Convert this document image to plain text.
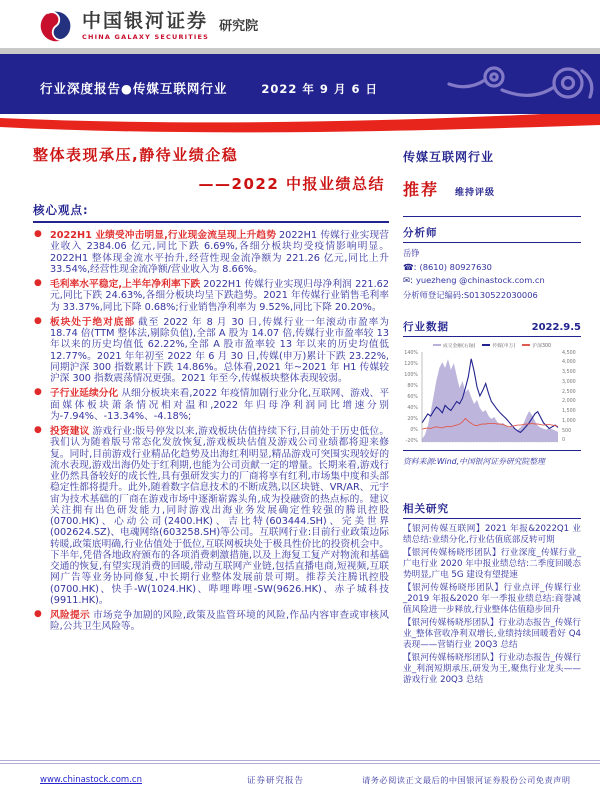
中国银河证券
CHINA GALAXY SECURITIES
研究院
行业深度报告●传媒互联网行业	2022 年 9 月 6 日
整体表现承压,静待业绩企稳
——2022 中报业绩总结
核心观点:
● 2022H1 业绩受冲击明显,行业现金流呈现上升趋势 2022H1 传媒行业实现营业收入 2384.06 亿元,同比下跌 6.69%,各细分板块均受疫情影响明显。2022H1 整体现金流水平抬升,经营性现金流净额为 221.26 亿元,同比上升 33.54%,经营性现金流净额/营业收入为 8.66%。
● 毛利率水平稳定,上半年净利率下跌 2022H1 传媒行业实现归母净利润 221.62 元,同比下跌 24.63%,各细分板块均呈下跌趋势。2021 年传媒行业销售毛利率为 33.37%,同比下降 0.68%;行业销售净利率为 9.52%,同比下降 20.20%。
● 板块处于绝对底部 截至 2022 年 8 月 30 日,传媒行业一年滚动市盈率为 18.74 倍(TTM 整体法,剔除负值),全部 A 股为 14.07 倍,传媒行业市盈率较 13 年以来的历史均值低 62.22%,全部 A 股市盈率较 13 年以来的历史均值低 12.77%。2021 年年初至 2022 年 6 月 30 日,传媒(申万)累计下跌 23.22%,同期沪深 300 指数累计下跌 14.86%。总体看,2021 年~2021 年 H1 传媒较沪深 300 指数震荡情况更强。2021 年至今,传媒板块整体表现较弱。
● 子行业延续分化 从细分板块来看,2022 年疫情加剧行业分化,互联网、游戏、平面媒体板块萧条情况相对温和,2022 年归母净利润同比增速分别为-7.94%、-13.34%、-4.18%;
● 投资建议 游戏行业:版号停发以来,游戏板块估值持续下行,目前处于历史低位。我们认为随着版号常态化发放恢复,游戏板块估值及游戏公司业绩都将迎来修复。同时,目前游戏行业精品化趋势及出海红利明显,精品游戏可突围实现较好的流水表现,游戏出海仍处于红利期,也能为公司贡献一定的增量。长期来看,游戏行业仍然具备较好的成长性,具有强研发实力的厂商将享有红利,市场集中度和头部稳定性都将提升。此外,随着数字信息技术的不断成熟,以区块链、VR/AR、元宇宙为技术基础的厂商在游戏市场中逐渐崭露头角,成为投融资的热点标的。建议关注拥有出色研发能力,同时游戏出海业务发展确定性较强的腾讯控股(0700.HK)、心动公司(2400.HK)、吉比特(603444.SH)、完美世界(002624.SZ)、电魂网络(603258.SH)等公司。互联网行业:目前行业政策边际转暖,政策底明确,行业估值处于低位,互联网板块处于极具性价比的投资机会中。下半年,凭借各地政府颁布的各项消费刺激措施,以及上海复工复产对物流和基础交通的恢复,有望实现消费的回暖,带动互联网产业链,包括直播电商,短视频,互联网广告等业务协同修复,中长期行业整体发展前景可期。推荐关注腾讯控股(0700.HK)、快手-W(1024.HK)、哔哩哔哩-SW(9626.HK)、赤子城科技(9911.HK)。
● 风险提示 市场竞争加剧的风险,政策及监管环境的风险,作品内容审查或审核风险,公共卫生风险等。
传媒互联网行业
推荐 维持评级
分析师
岳铮
☎: (8610) 80927630
✉: yuezheng @chinastock.com.cn
分析师登记编码:S0130522030006
行业数据	2022.9.5
成交金额(右轴)	传媒(申万)	沪深300
140%
120%
100%
80%
60%
40%
20%
0%
-20%
4,500
4,000
3,500
3,000
2,500
2,000
1,500
1,000
500
0
资料来源:Wind,中国银河证券研究院整理
相关研究
【银河传媒互联网】2021 年报&2022Q1 业绩总结:业绩分化,行业估值底部反转可期
【银河传媒杨晓彤团队】行业深度_传媒行业_广电行业 2020 年中报业绩总结:二季度回暖态势明显,广电 5G 建设有望提速
【银河传媒杨晓彤团队】行业点评_传媒行业_2019 年报&2020 年一季报业绩总结:商誉减值风险进一步释放,行业整体估值稳步回升
【银河传媒杨晓彤团队】行业动态报告_传媒行业_整体营收净利双增长,业绩持续回暖看好 Q4 表现——营销行业 20Q3 总结
【银河传媒杨晓彤团队】行业动态报告_传媒行业_利润短期承压,研发为王,聚焦行业龙头——游戏行业 20Q3 总结
www.chinastock.com.cn	证券研究报告	请务必阅读正文最后的中国银河证券股份公司免责声明
